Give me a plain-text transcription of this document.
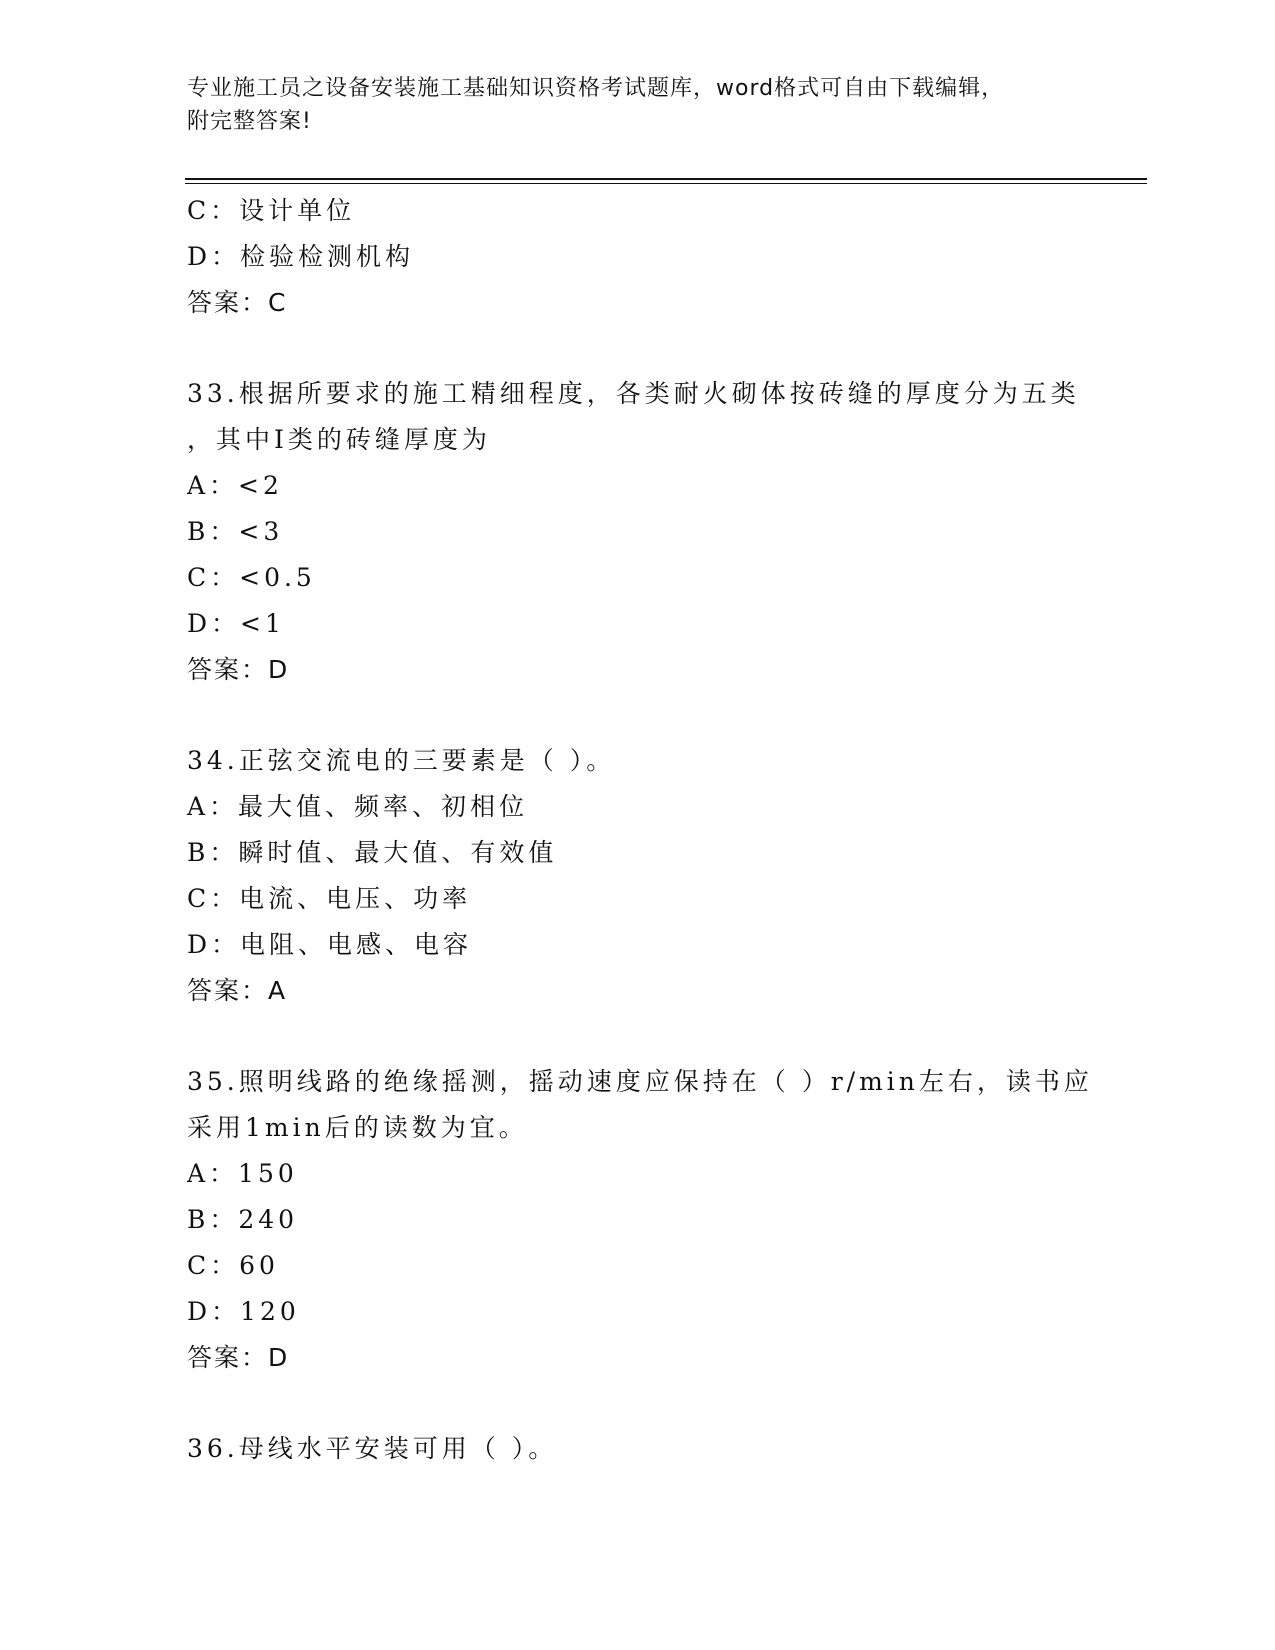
专业施工员之设备安装施工基础知识资格考试题库，word格式可自由下载编辑，
附完整答案!
C：设计单位
D：检验检测机构
答案：C
33.根据所要求的施工精细程度，各类耐火砌体按砖缝的厚度分为五类
，其中Ⅰ类的砖缝厚度为
A：<2
B：<3
C：<0.5
D：<1
答案：D
34.正弦交流电的三要素是（ ）。
A：最大值、频率、初相位
B：瞬时值、最大值、有效值
C：电流、电压、功率
D：电阻、电感、电容
答案：A
35.照明线路的绝缘摇测，摇动速度应保持在（ ）r/min左右，读书应
采用1min后的读数为宜。
A：150
B：240
C：60
D：120
答案：D
36.母线水平安装可用（ ）。
